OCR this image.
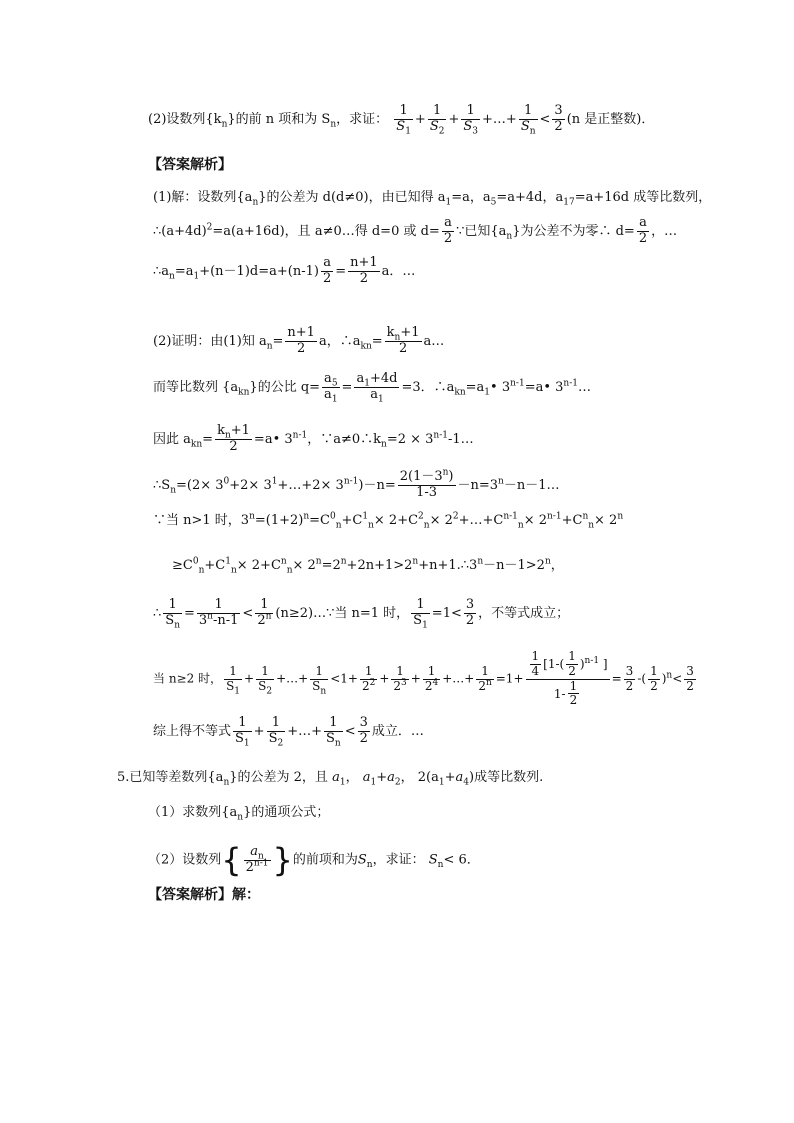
(2)设数列$\{k_n\}$的前 n 项和为 $S_n$，求证： $\frac{1}{S_1} + \frac{1}{S_2} + \frac{1}{S_3}$ +…+ $\frac{1}{S_n} < \frac{3}{2} (n$ 是正整数)．
【答案解析】
(1)解：设数列$\{a_n\}$的公差为 d(d≠0)，由已知得 $a_1=a$，$a_5=a+4d$，$a_{17}=a+16d$ 成等比数列，
$\therefore(a+4d)^2=a(a+16d)$，且 a≠0…得 d=0 或 $d= \frac{a}{2}$ ∵已知$\{a_n\}$为公差不为零∴ $d= \frac{a}{2}$ ，…
$\therefore a_n=a_1+(n-1)d=a+(n-1) \frac{a}{2} = \frac{n+1}{2}$ a．…
(2)证明：由(1)知 $a_n= \frac{n+1}{2}$ a，$\therefore a_{kn}= \frac{k_n+1}{2}$ a…
而等比数列 $\{a_{kn}\}$的公比 $q= \frac{a_5}{a_1} = \frac{a_1+4d}{a_1} =3$．$\therefore a_{kn}=a_1•$ $3^{n-1}=a•$ 3$^{n-1}$…
因此 $a_{kn}= \frac{k_n+1}{2}$ =a• 3$^{n-1}$，$\because a\ne 0\therefore k_n=2$ × $3^{n-1}-1\dots$
$\therefore S_n=(2\times 3^0+2\times$ $3^1+\dots+2\times 3^{n-1})-n= \frac{2(1-3^n)}{1-3}$ $-n=3^n-n-1\dots$
∵当 n>1 时，$3^n=(1+2)^n=C^0_n+C^1_n\times 2+C^2_n\times$ $2^2+\dots+C^{n-1}_n\times 2^{n-1}+C^n_n\times 2^n$
$\ge C^0_n+C^1_n\times 2+C^n_n\times$ $2^n=2^n+2n+1>2^n+n+1.\therefore 3^n-n-1>2^n$，
∴ $\frac{1}{S_n} = \frac{1}{3^n-n-1} < \frac{1}{2^n}$ (n≥2)…∵当 n=1 时， $\frac{1}{S_1} =1< \frac{3}{2}$ ，不等式成立；
当 n≥2 时， $\frac{1}{S_1} + \frac{1}{S_2}$ +…+ $\frac{1}{S_n} <1+ \frac{1}{2^2} + \frac{1}{2^3} + \frac{1}{2^4}$ +…+ $\frac{1}{2^n} =1+ \frac{\frac{1}{4} [1-( \frac{1}{2} )^{n-1} ]}{1- \frac{1}{2}} = \frac{3}{2}$ -( $\frac{1}{2} )^n< \frac{3}{2}$
综上得不等式 $\frac{1}{S_1} + \frac{1}{S_2}$ +…+ $\frac{1}{S_n} < \frac{3}{2}$ 成立．…
5.已知等差数列$\{a_n\}$的公差为 2，且 $a_1$， $a_1+a_2$， $2(a_1+a_4)$成等比数列.
（1）求数列$\{a_n\}$的通项公式；
（2）设数列{ $\frac{a_n}{2^{n-1}}$ }的前项和为$S_n$，求证： $S_n< 6$．
【答案解析】解：
